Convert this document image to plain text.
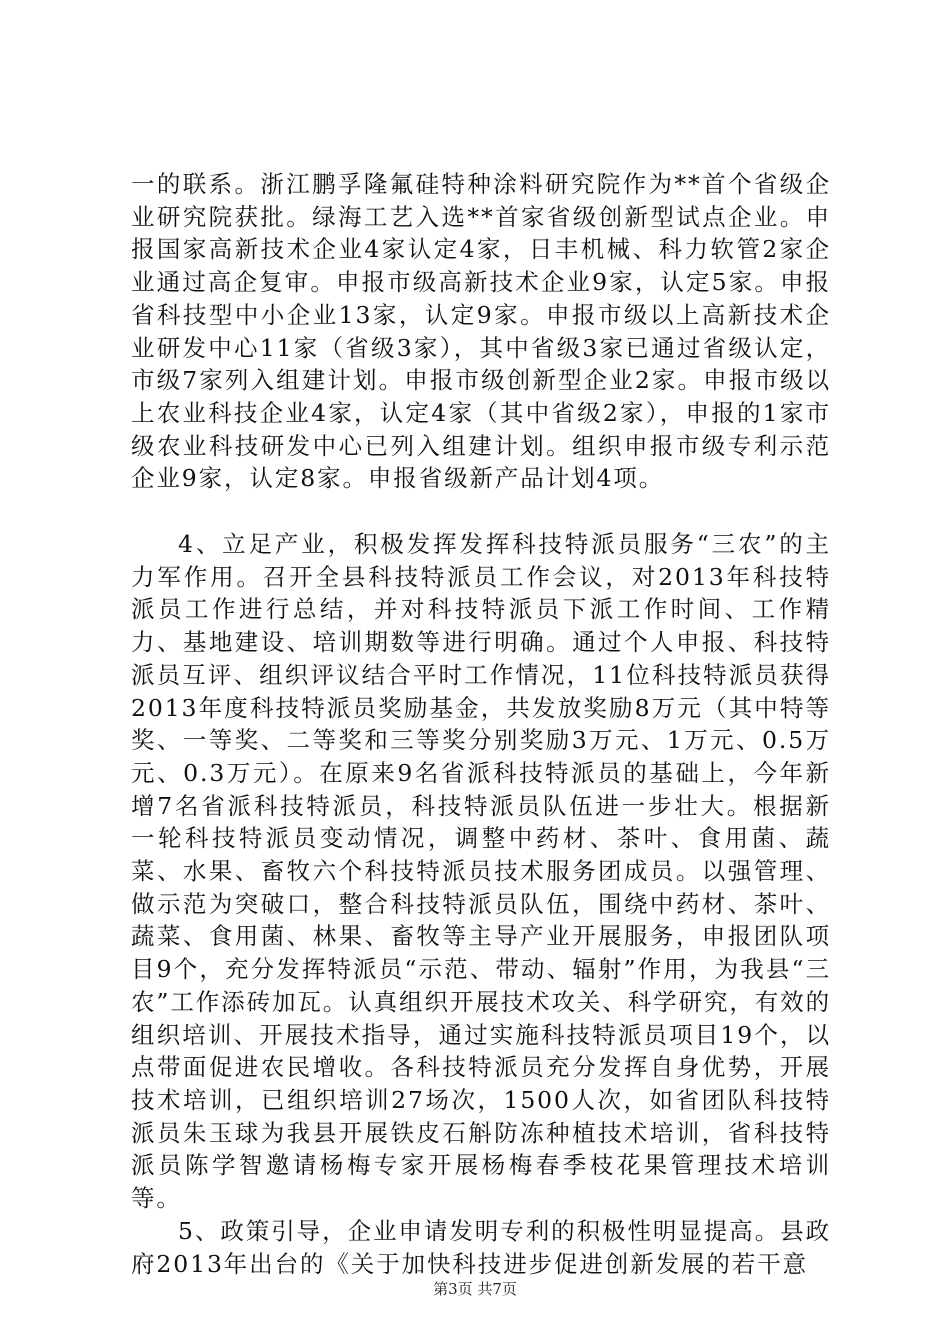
一的联系。浙江鹏孚隆氟硅特种涂料研究院作为**首个省级企业研究院获批。绿海工艺入选**首家省级创新型试点企业。申报国家高新技术企业4家认定4家，日丰机械、科力软管2家企业通过高企复审。申报市级高新技术企业9家，认定5家。申报省科技型中小企业13家，认定9家。申报市级以上高新技术企业研发中心11家（省级3家），其中省级3家已通过省级认定，市级7家列入组建计划。申报市级创新型企业2家。申报市级以上农业科技企业4家，认定4家（其中省级2家），申报的1家市级农业科技研发中心已列入组建计划。组织申报市级专利示范企业9家，认定8家。申报省级新产品计划4项。

4、立足产业，积极发挥发挥科技特派员服务“三农”的主力军作用。召开全县科技特派员工作会议，对2013年科技特派员工作进行总结，并对科技特派员下派工作时间、工作精力、基地建设、培训期数等进行明确。通过个人申报、科技特派员互评、组织评议结合平时工作情况，11位科技特派员获得2013年度科技特派员奖励基金，共发放奖励8万元（其中特等奖、一等奖、二等奖和三等奖分别奖励3万元、1万元、0.5万元、0.3万元）。在原来9名省派科技特派员的基础上，今年新增7名省派科技特派员，科技特派员队伍进一步壮大。根据新一轮科技特派员变动情况，调整中药材、茶叶、食用菌、蔬菜、水果、畜牧六个科技特派员技术服务团成员。以强管理、做示范为突破口，整合科技特派员队伍，围绕中药材、茶叶、蔬菜、食用菌、林果、畜牧等主导产业开展服务，申报团队项目9个，充分发挥特派员“示范、带动、辐射”作用，为我县“三农”工作添砖加瓦。认真组织开展技术攻关、科学研究，有效的组织培训、开展技术指导，通过实施科技特派员项目19个，以点带面促进农民增收。各科技特派员充分发挥自身优势，开展技术培训，已组织培训27场次，1500人次，如省团队科技特派员朱玉球为我县开展铁皮石斛防冻种植技术培训，省科技特派员陈学智邀请杨梅专家开展杨梅春季枝花果管理技术培训等。

5、政策引导，企业申请发明专利的积极性明显提高。县政府2013年出台的《关于加快科技进步促进创新发展的若干意

第3页 共7页
